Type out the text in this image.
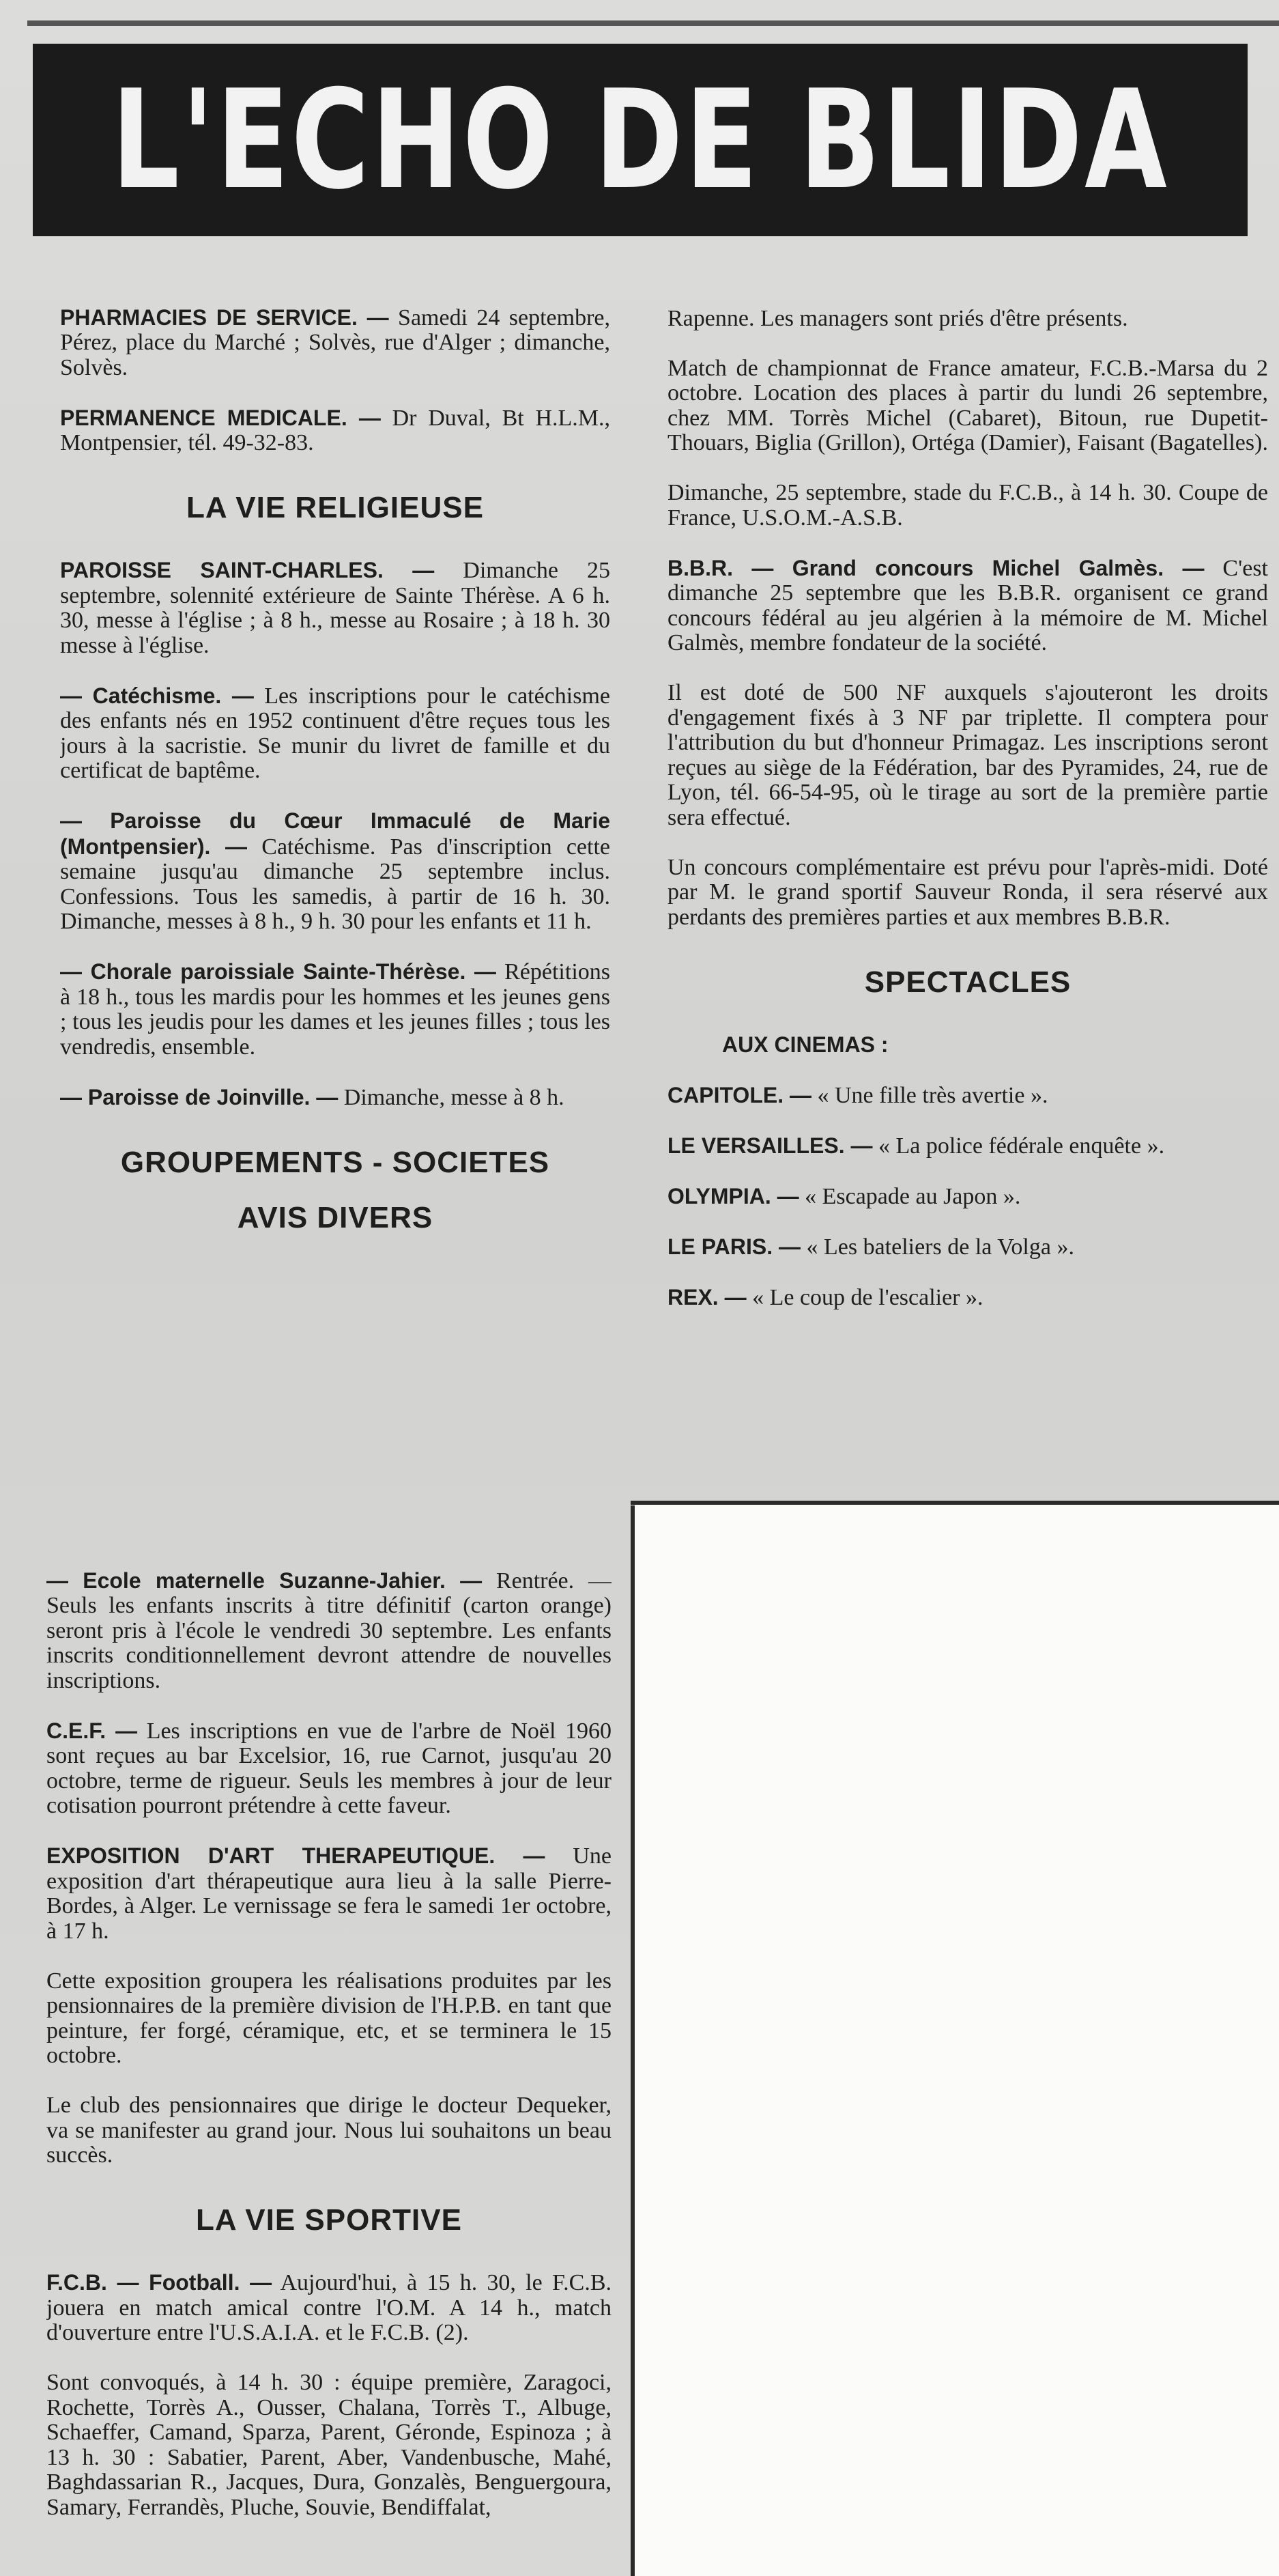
L'ECHO DE BLIDA

PHARMACIES DE SERVICE. — Samedi 24 septembre, Pérez, place du Marché ; Solvès, rue d'Alger ; dimanche, Solvès.

PERMANENCE MEDICALE. — Dr Duval, Bt H.L.M., Montpensier, tél. 49-32-83.

LA VIE RELIGIEUSE

PAROISSE SAINT-CHARLES. — Dimanche 25 septembre, solennité extérieure de Sainte Thérèse. A 6 h. 30, messe à l'église ; à 8 h., messe au Rosaire ; à 18 h. 30 messe à l'église.

— Catéchisme. — Les inscriptions pour le catéchisme des enfants nés en 1952 continuent d'être reçues tous les jours à la sacristie. Se munir du livret de famille et du certificat de baptême.

— Paroisse du Cœur Immaculé de Marie (Montpensier). — Catéchisme. Pas d'inscription cette semaine jusqu'au dimanche 25 septembre inclus. Confessions. Tous les samedis, à partir de 16 h. 30. Dimanche, messes à 8 h., 9 h. 30 pour les enfants et 11 h.

— Chorale paroissiale Sainte-Thérèse. — Répétitions à 18 h., tous les mardis pour les hommes et les jeunes gens ; tous les jeudis pour les dames et les jeunes filles ; tous les vendredis, ensemble.

— Paroisse de Joinville. — Dimanche, messe à 8 h.

GROUPEMENTS - SOCIETES

AVIS DIVERS

— Ecole maternelle Suzanne-Jahier. — Rentrée. — Seuls les enfants inscrits à titre définitif (carton orange) seront pris à l'école le vendredi 30 septembre. Les enfants inscrits conditionnellement devront attendre de nouvelles inscriptions.

C.E.F. — Les inscriptions en vue de l'arbre de Noël 1960 sont reçues au bar Excelsior, 16, rue Carnot, jusqu'au 20 octobre, terme de rigueur. Seuls les membres à jour de leur cotisation pourront prétendre à cette faveur.

EXPOSITION D'ART THERAPEUTIQUE. — Une exposition d'art thérapeutique aura lieu à la salle Pierre-Bordes, à Alger. Le vernissage se fera le samedi 1er octobre, à 17 h.

Cette exposition groupera les réalisations produites par les pensionnaires de la première division de l'H.P.B. en tant que peinture, fer forgé, céramique, etc, et se terminera le 15 octobre.

Le club des pensionnaires que dirige le docteur Dequeker, va se manifester au grand jour. Nous lui souhaitons un beau succès.

LA VIE SPORTIVE

F.C.B. — Football. — Aujourd'hui, à 15 h. 30, le F.C.B. jouera en match amical contre l'O.M. A 14 h., match d'ouverture entre l'U.S.A.I.A. et le F.C.B. (2).

Sont convoqués, à 14 h. 30 : équipe première, Zaragoci, Rochette, Torrès A., Ousser, Chalana, Torrès T., Albuge, Schaeffer, Camand, Sparza, Parent, Géronde, Espinoza ; à 13 h. 30 : Sabatier, Parent, Aber, Vandenbusche, Mahé, Baghdassarian R., Jacques, Dura, Gonzalès, Benguergoura, Samary, Ferrandès, Pluche, Souvie, Bendiffalat,

Rapenne. Les managers sont priés d'être présents.

Match de championnat de France amateur, F.C.B.-Marsa du 2 octobre. Location des places à partir du lundi 26 septembre, chez MM. Torrès Michel (Cabaret), Bitoun, rue Dupetit-Thouars, Biglia (Grillon), Ortéga (Damier), Faisant (Bagatelles).

Dimanche, 25 septembre, stade du F.C.B., à 14 h. 30. Coupe de France, U.S.O.M.-A.S.B.

B.B.R. — Grand concours Michel Galmès. — C'est dimanche 25 septembre que les B.B.R. organisent ce grand concours fédéral au jeu algérien à la mémoire de M. Michel Galmès, membre fondateur de la société.

Il est doté de 500 NF auxquels s'ajouteront les droits d'engagement fixés à 3 NF par triplette. Il comptera pour l'attribution du but d'honneur Primagaz. Les inscriptions seront reçues au siège de la Fédération, bar des Pyramides, 24, rue de Lyon, tél. 66-54-95, où le tirage au sort de la première partie sera effectué.

Un concours complémentaire est prévu pour l'après-midi. Doté par M. le grand sportif Sauveur Ronda, il sera réservé aux perdants des premières parties et aux membres B.B.R.

SPECTACLES

AUX CINEMAS :

CAPITOLE. — « Une fille très avertie ».

LE VERSAILLES. — « La police fédérale enquête ».

OLYMPIA. — « Escapade au Japon ».

LE PARIS. — « Les bateliers de la Volga ».

REX. — « Le coup de l'escalier ».
